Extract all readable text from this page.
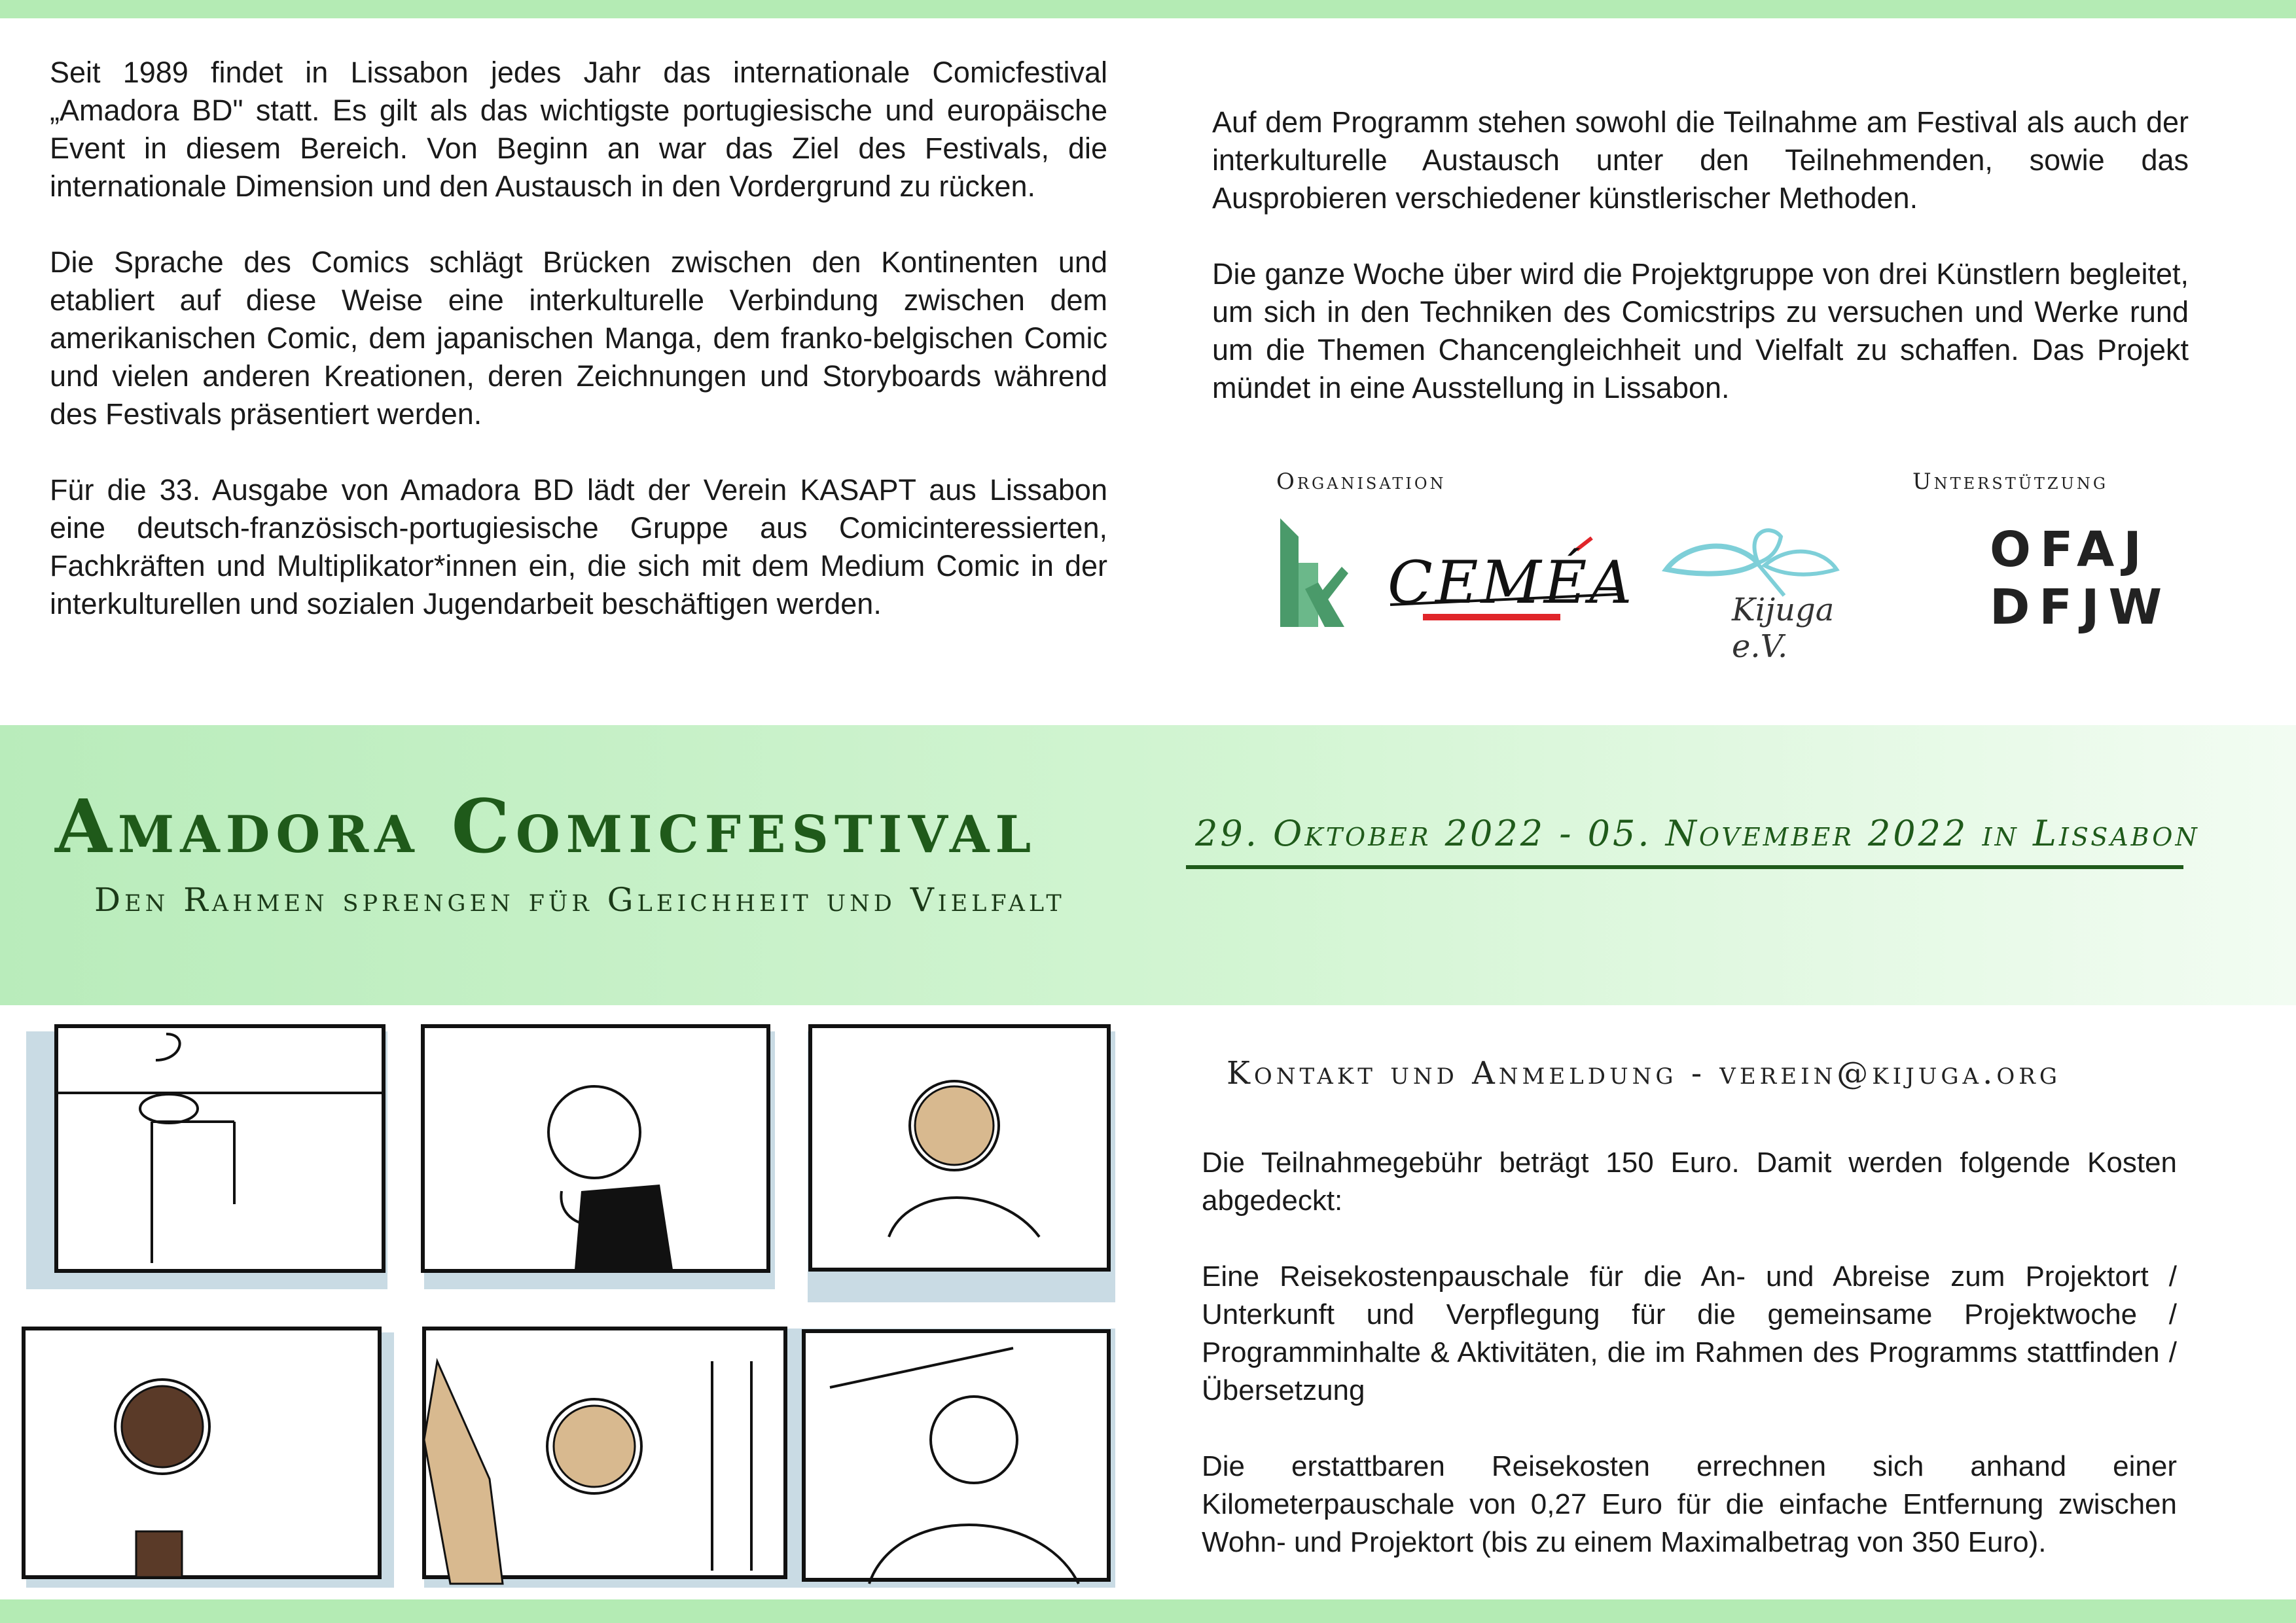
Seit 1989 findet in Lissabon jedes Jahr das internationale Comicfestival „Amadora BD" statt. Es gilt als das wichtigste portugiesische und europäische Event in diesem Bereich. Von Beginn an war das Ziel des Festivals, die internationale Dimension und den Austausch in den Vordergrund zu rücken.

Die Sprache des Comics schlägt Brücken zwischen den Kontinenten und etabliert auf diese Weise eine interkulturelle Verbindung zwischen dem amerikanischen Comic, dem japanischen Manga, dem franko-belgischen Comic und vielen anderen Kreationen, deren Zeichnungen und Storyboards während des Festivals präsentiert werden.

Für die 33. Ausgabe von Amadora BD lädt der Verein KASAPT aus Lissabon eine deutsch-französisch-portugiesische Gruppe aus Comicinteressierten, Fachkräften und Multiplikator*innen ein, die sich mit dem Medium Comic in der interkulturellen und sozialen Jugendarbeit beschäftigen werden.

Auf dem Programm stehen sowohl die Teilnahme am Festival als auch der interkulturelle Austausch unter den Teilnehmenden, sowie das Ausprobieren verschiedener künstlerischer Methoden.

Die ganze Woche über wird die Projektgruppe von drei Künstlern begleitet, um sich in den Techniken des Comicstrips zu versuchen und Werke rund um die Themen Chancengleichheit und Vielfalt zu schaffen. Das Projekt mündet in eine Ausstellung in Lissabon.

Organisation	Unterstützung
CEMÉA	Kijuga e.V.
OFAJ
DFJW
Amadora Comicfestival
Den Rahmen sprengen für Gleichheit und Vielfalt
29. Oktober 2022 - 05. November 2022 in Lissabon
Kontakt und Anmeldung - verein@kijuga.org

Die Teilnahmegebühr beträgt 150 Euro. Damit werden folgende Kosten abgedeckt:

Eine Reisekostenpauschale für die An- und Abreise zum Projektort / Unterkunft und Verpflegung für die gemeinsame Projektwoche / Programminhalte & Aktivitäten, die im Rahmen des Programms stattfinden / Übersetzung

Die erstattbaren Reisekosten errechnen sich anhand einer Kilometerpauschale von 0,27 Euro für die einfache Entfernung zwischen Wohn- und Projektort (bis zu einem Maximalbetrag von 350 Euro).
